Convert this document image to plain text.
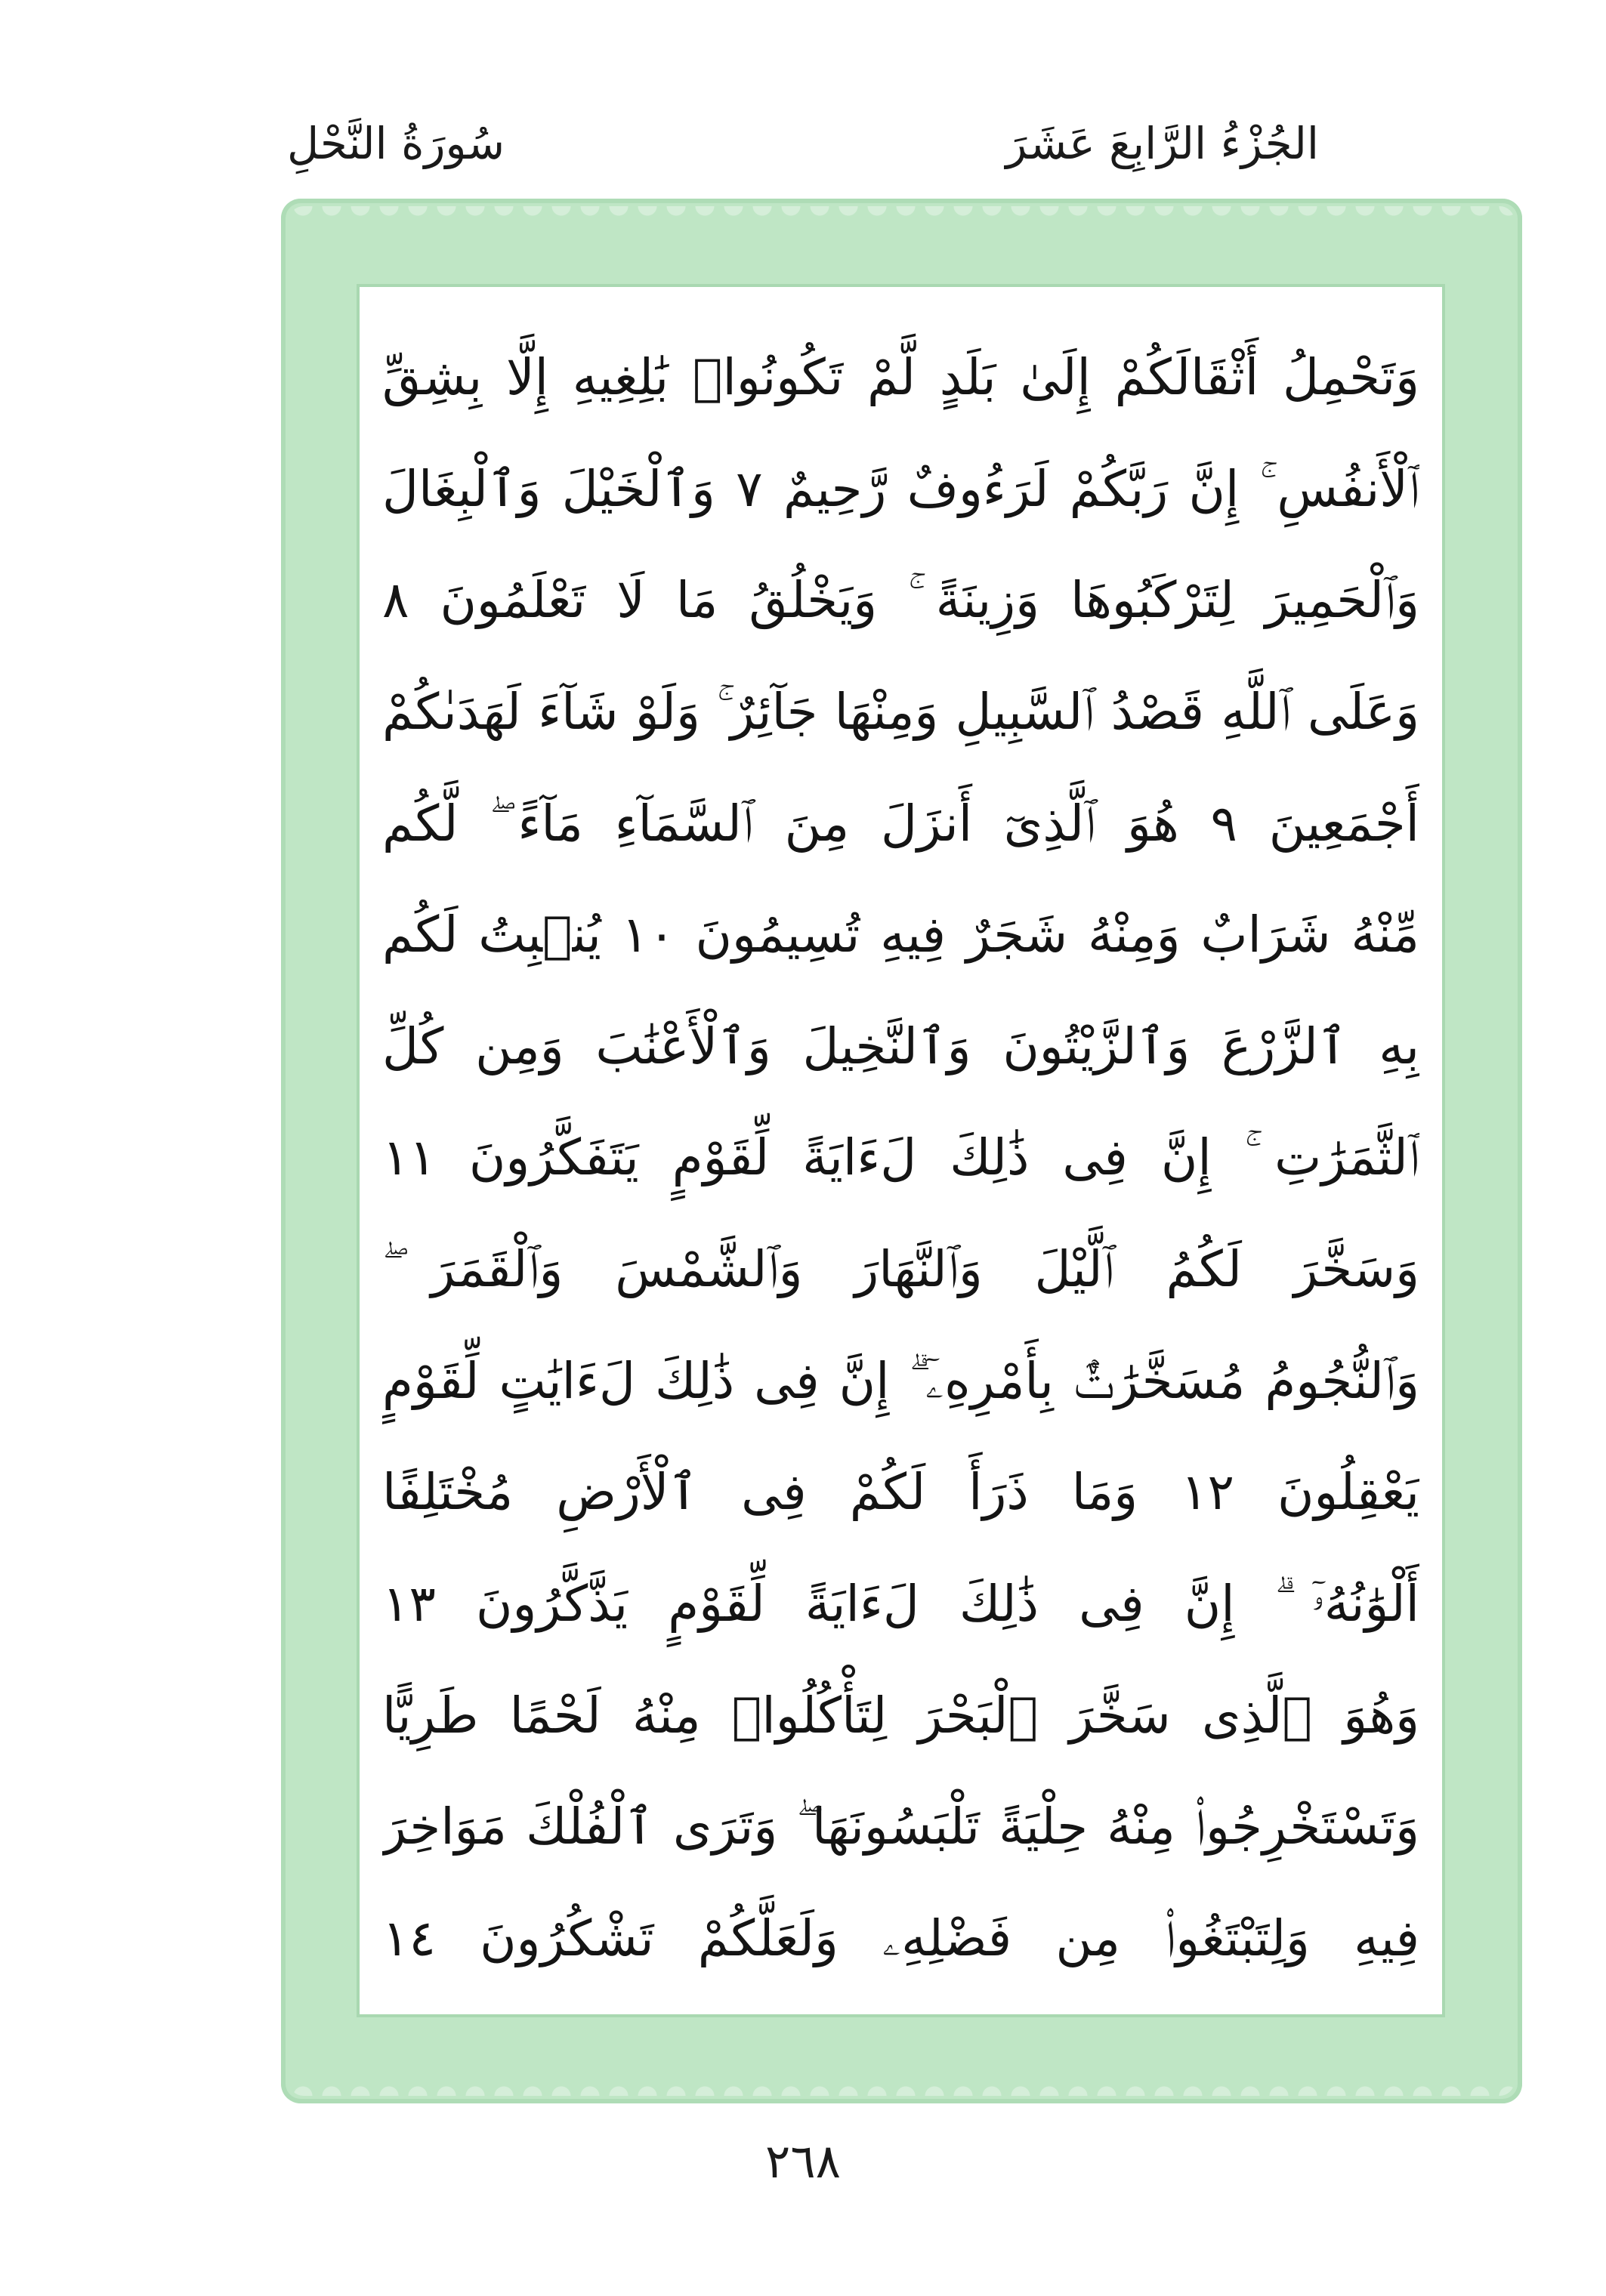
الجُزْءُ الرَّابِعَ عَشَرَ
سُورَةُ النَّحْلِ
وَتَحْمِلُ أَثْقَالَكُمْ إِلَىٰ بَلَدٍ لَّمْ تَكُونُوا۟ بَٰلِغِيهِ إِلَّا بِشِقِّ
ٱلْأَنفُسِ ۚ إِنَّ رَبَّكُمْ لَرَءُوفٌ رَّحِيمٌ ٧ وَٱلْخَيْلَ وَٱلْبِغَالَ
وَٱلْحَمِيرَ لِتَرْكَبُوهَا وَزِينَةً ۚ وَيَخْلُقُ مَا لَا تَعْلَمُونَ ٨
وَعَلَى ٱللَّهِ قَصْدُ ٱلسَّبِيلِ وَمِنْهَا جَآئِرٌ ۚ وَلَوْ شَآءَ لَهَدَىٰكُمْ
أَجْمَعِينَ ٩ هُوَ ٱلَّذِىٓ أَنزَلَ مِنَ ٱلسَّمَآءِ مَآءً ۖ لَّكُم
مِّنْهُ شَرَابٌ وَمِنْهُ شَجَرٌ فِيهِ تُسِيمُونَ ١٠ يُنۢبِتُ لَكُم
بِهِ ٱلزَّرْعَ وَٱلزَّيْتُونَ وَٱلنَّخِيلَ وَٱلْأَعْنَٰبَ وَمِن كُلِّ
ٱلثَّمَرَٰتِ ۚ إِنَّ فِى ذَٰلِكَ لَءَايَةً لِّقَوْمٍ يَتَفَكَّرُونَ ١١
وَسَخَّرَ لَكُمُ ٱلَّيْلَ وَٱلنَّهَارَ وَٱلشَّمْسَ وَٱلْقَمَرَ ۖ
وَٱلنُّجُومُ مُسَخَّرَٰتٌۢ بِأَمْرِهِۦٓ ۗ إِنَّ فِى ذَٰلِكَ لَءَايَٰتٍ لِّقَوْمٍ
يَعْقِلُونَ ١٢ وَمَا ذَرَأَ لَكُمْ فِى ٱلْأَرْضِ مُخْتَلِفًا
أَلْوَٰنُهُۥٓ ۗ إِنَّ فِى ذَٰلِكَ لَءَايَةً لِّقَوْمٍ يَذَّكَّرُونَ ١٣
وَهُوَ ٱلَّذِى سَخَّرَ ٱلْبَحْرَ لِتَأْكُلُوا۟ مِنْهُ لَحْمًا طَرِيًّا
وَتَسْتَخْرِجُوا۟ مِنْهُ حِلْيَةً تَلْبَسُونَهَا ۖ وَتَرَى ٱلْفُلْكَ مَوَاخِرَ
فِيهِ وَلِتَبْتَغُوا۟ مِن فَضْلِهِۦ وَلَعَلَّكُمْ تَشْكُرُونَ ١٤
٢٦٨
